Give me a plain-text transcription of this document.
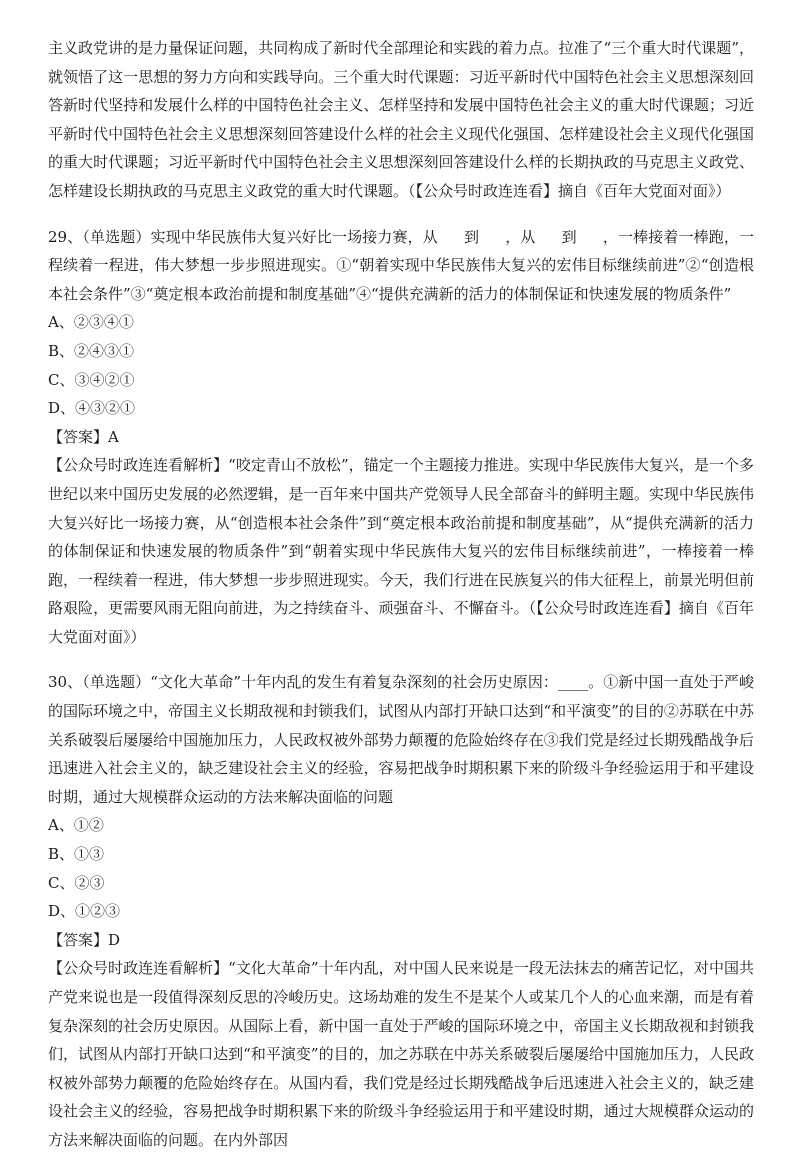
主义政党讲的是力量保证问题，共同构成了新时代全部理论和实践的着力点。拉准了“三个重大时代课题”，就领悟了这一思想的努力方向和实践导向。三个重大时代课题：习近平新时代中国特色社会主义思想深刻回答新时代坚持和发展什么样的中国特色社会主义、怎样坚持和发展中国特色社会主义的重大时代课题；习近平新时代中国特色社会主义思想深刻回答建设什么样的社会主义现代化强国、怎样建设社会主义现代化强国的重大时代课题；习近平新时代中国特色社会主义思想深刻回答建设什么样的长期执政的马克思主义政党、怎样建设长期执政的马克思主义政党的重大时代课题。（【公众号时政连连看】摘自《百年大党面对面》）

29、（单选题）实现中华民族伟大复兴好比一场接力赛，从 到 ，从 到 ，一棒接着一棒跑，一程续着一程进，伟大梦想一步步照进现实。①“朝着实现中华民族伟大复兴的宏伟目标继续前进”②“创造根本社会条件”③“奠定根本政治前提和制度基础”④“提供充满新的活力的体制保证和快速发展的物质条件”

A、②③④①
B、②④③①
C、③④②①
D、④③②①
【答案】A

【公众号时政连连看解析】“咬定青山不放松”，锚定一个主题接力推进。实现中华民族伟大复兴，是一个多世纪以来中国历史发展的必然逻辑，是一百年来中国共产党领导人民全部奋斗的鲜明主题。实现中华民族伟大复兴好比一场接力赛，从“创造根本社会条件”到“奠定根本政治前提和制度基础”，从“提供充满新的活力的体制保证和快速发展的物质条件”到“朝着实现中华民族伟大复兴的宏伟目标继续前进”，一棒接着一棒跑，一程续着一程进，伟大梦想一步步照进现实。今天，我们行进在民族复兴的伟大征程上，前景光明但前路艰险，更需要风雨无阻向前进，为之持续奋斗、顽强奋斗、不懈奋斗。（【公众号时政连连看】摘自《百年大党面对面》）

30、（单选题）“文化大革命”十年内乱的发生有着复杂深刻的社会历史原因：____。①新中国一直处于严峻的国际环境之中，帝国主义长期敌视和封锁我们，试图从内部打开缺口达到“和平演变”的目的②苏联在中苏关系破裂后屡屡给中国施加压力，人民政权被外部势力颠覆的危险始终存在③我们党是经过长期残酷战争后迅速进入社会主义的，缺乏建设社会主义的经验，容易把战争时期积累下来的阶级斗争经验运用于和平建设时期，通过大规模群众运动的方法来解决面临的问题

A、①②
B、①③
C、②③
D、①②③
【答案】D

【公众号时政连连看解析】“文化大革命”十年内乱，对中国人民来说是一段无法抹去的痛苦记忆，对中国共产党来说也是一段值得深刻反思的冷峻历史。这场劫难的发生不是某个人或某几个人的心血来潮，而是有着复杂深刻的社会历史原因。从国际上看，新中国一直处于严峻的国际环境之中，帝国主义长期敌视和封锁我们，试图从内部打开缺口达到“和平演变”的目的，加之苏联在中苏关系破裂后屡屡给中国施加压力，人民政权被外部势力颠覆的危险始终存在。从国内看，我们党是经过长期残酷战争后迅速进入社会主义的，缺乏建设社会主义的经验，容易把战争时期积累下来的阶级斗争经验运用于和平建设时期，通过大规模群众运动的方法来解决面临的问题。在内外部因
